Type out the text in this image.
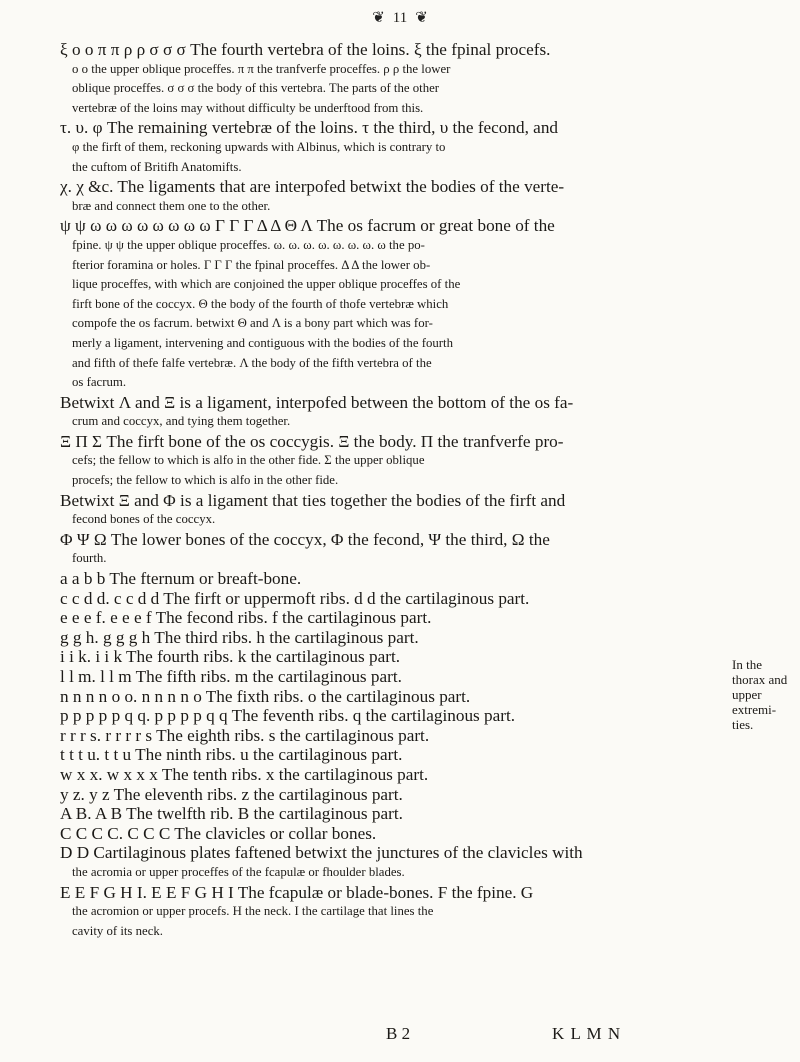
❦ 11 ❦
ξ ο ο π π ρ ρ σ σ σ The fourth vertebra of the loins. ξ the fpinal procefs.
ο ο the upper oblique proceffes. π π the tranfverfe proceffes. ρ ρ the lower
oblique proceffes. σ σ σ the body of this vertebra. The parts of the other
vertebræ of the loins may without difficulty be underftood from this.
τ. υ. φ The remaining vertebræ of the loins. τ the third, υ the fecond, and
φ the firft of them, reckoning upwards with Albinus, which is contrary to
the cuftom of Britifh Anatomifts.
χ. χ &c. The ligaments that are interpofed betwixt the bodies of the verte-
bræ and connect them one to the other.
ψ ψ ω ω ω ω ω ω ω ω Γ Γ Γ Δ Δ Θ Λ The os facrum or great bone of the
fpine. ψ ψ the upper oblique proceffes. ω. ω. ω. ω. ω. ω. ω. ω the po-
fterior foramina or holes. Γ Γ Γ the fpinal proceffes. Δ Δ the lower ob-
lique proceffes, with which are conjoined the upper oblique proceffes of the
firft bone of the coccyx. Θ the body of the fourth of thofe vertebræ which
compofe the os facrum. betwixt Θ and Λ is a bony part which was for-
merly a ligament, intervening and contiguous with the bodies of the fourth
and fifth of thefe falfe vertebræ. Λ the body of the fifth vertebra of the
os facrum.
Betwixt Λ and Ξ is a ligament, interpofed between the bottom of the os fa-
crum and coccyx, and tying them together.
Ξ Π Σ The firft bone of the os coccygis. Ξ the body. Π the tranfverfe pro-
cefs; the fellow to which is alfo in the other fide. Σ the upper oblique
procefs; the fellow to which is alfo in the other fide.
Betwixt Ξ and Φ is a ligament that ties together the bodies of the firft and
fecond bones of the coccyx.
Φ Ψ Ω The lower bones of the coccyx, Φ the fecond, Ψ the third, Ω the
fourth.
a a b b The fternum or breaft-bone.
c c d d. c c d d The firft or uppermoft ribs. d d the cartilaginous part.
e e e f. e e e f The fecond ribs. f the cartilaginous part.
g g h. g g g h The third ribs. h the cartilaginous part.
i i k. i i k The fourth ribs. k the cartilaginous part.
l l m. l l m The fifth ribs. m the cartilaginous part.
n n n n o o. n n n n o The fixth ribs. o the cartilaginous part.
p p p p p q q. p p p p q q The feventh ribs. q the cartilaginous part.
r r r s. r r r r s The eighth ribs. s the cartilaginous part.
t t t u. t t u The ninth ribs. u the cartilaginous part.
w x x. w x x x The tenth ribs. x the cartilaginous part.
y z. y z The eleventh ribs. z the cartilaginous part.
A B. A B The twelfth rib. B the cartilaginous part.
C C C C. C C C The clavicles or collar bones.
D D Cartilaginous plates faftened betwixt the junctures of the clavicles with
the acromia or upper proceffes of the fcapulæ or fhoulder blades.
E E F G H I. E E F G H I The fcapulæ or blade-bones. F the fpine. G
the acromion or upper procefs. H the neck. I the cartilage that lines the
cavity of its neck.
In the thorax and upper extremi-ties.
B 2	K L M N
